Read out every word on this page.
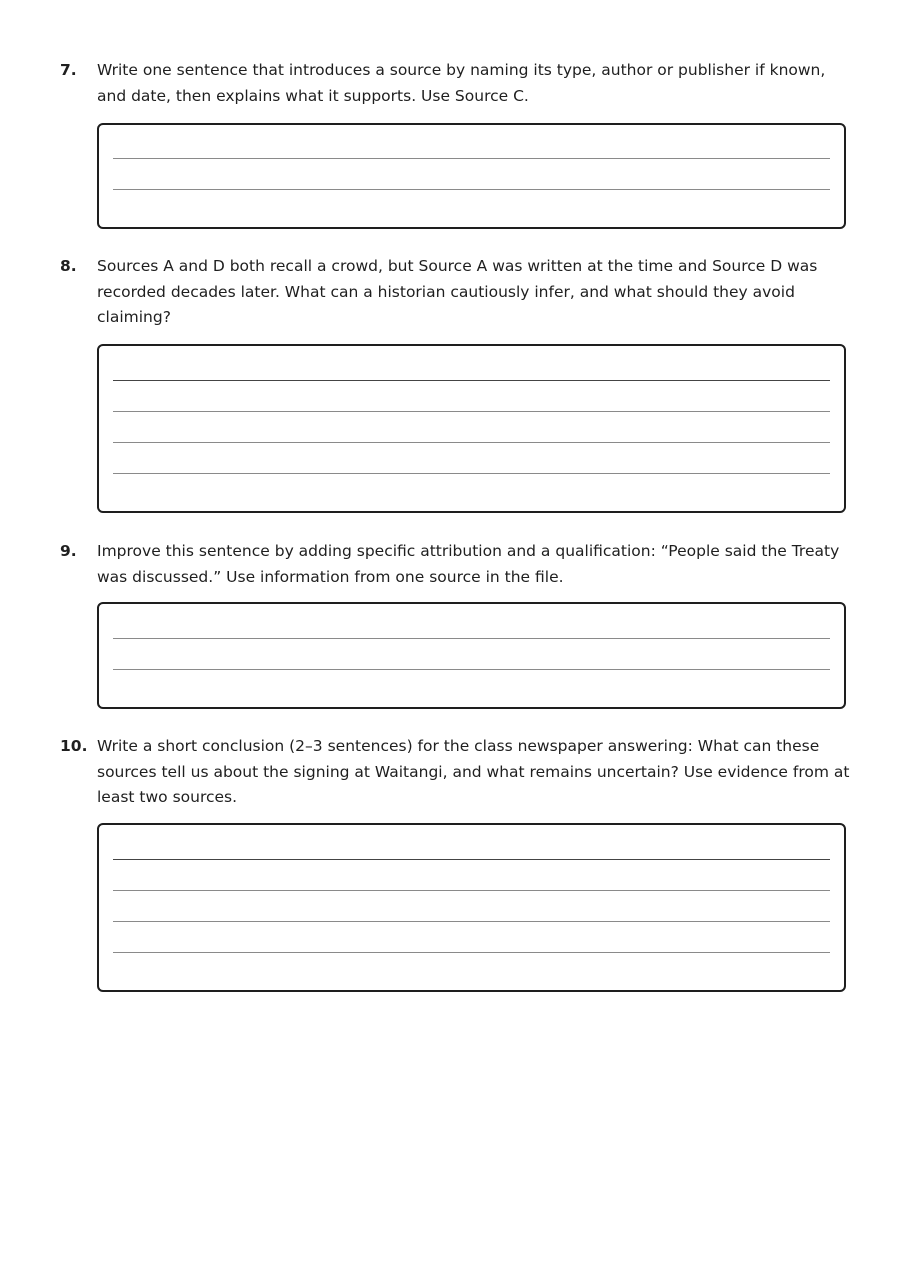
7. Write one sentence that introduces a source by naming its type, author or publisher if known, and date, then explains what it supports. Use Source C.
8. Sources A and D both recall a crowd, but Source A was written at the time and Source D was recorded decades later. What can a historian cautiously infer, and what should they avoid claiming?
9. Improve this sentence by adding specific attribution and a qualification: “People said the Treaty was discussed.” Use information from one source in the file.
10. Write a short conclusion (2–3 sentences) for the class newspaper answering: What can these sources tell us about the signing at Waitangi, and what remains uncertain? Use evidence from at least two sources.
